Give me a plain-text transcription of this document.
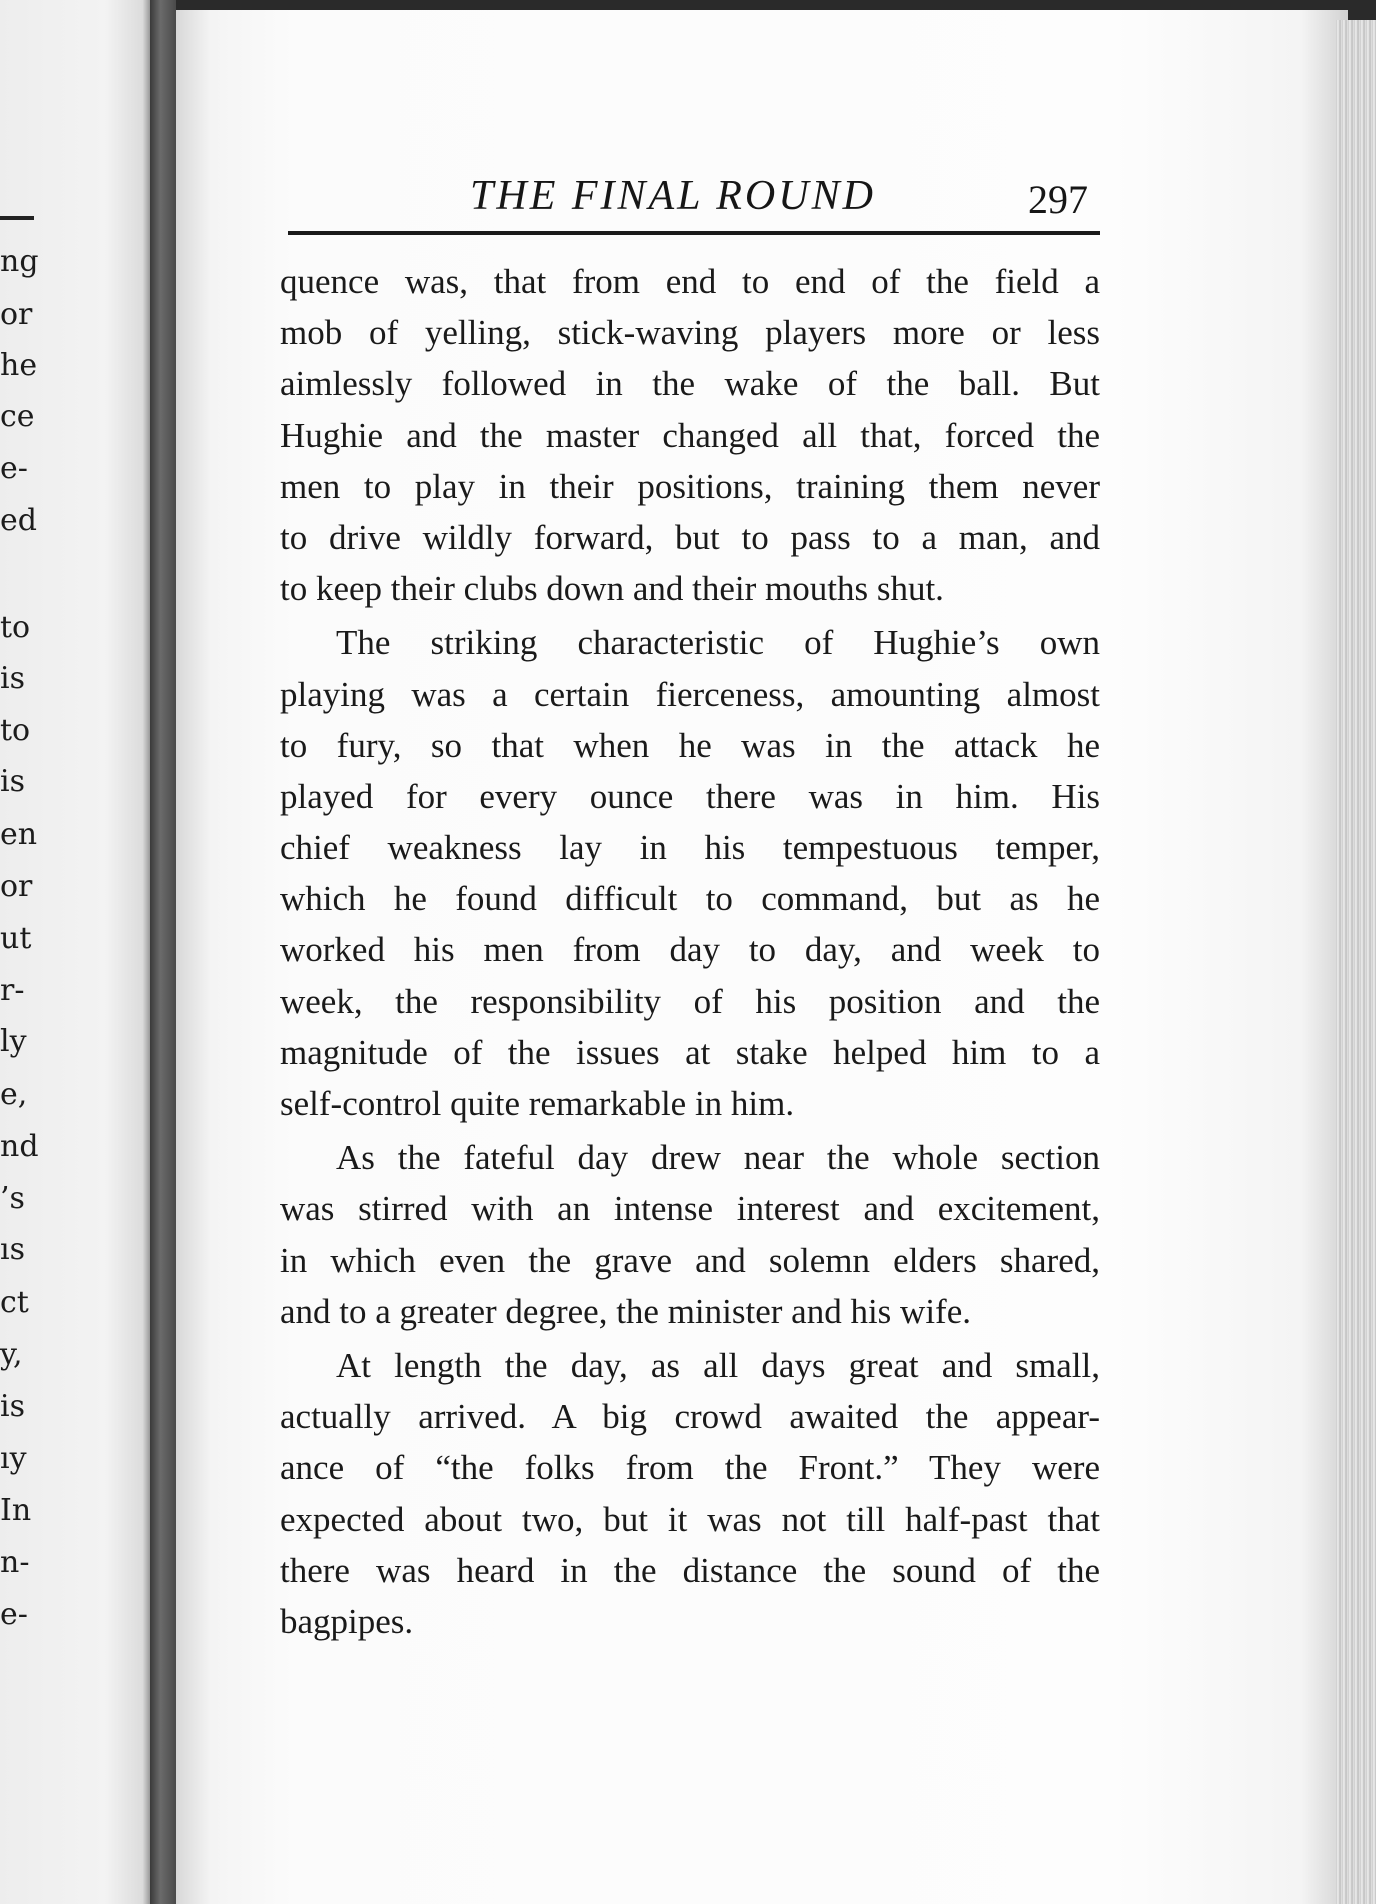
ng
or
he
ce
e-
ed
to
is
to
is
en
or
ut
r-
ly
e,
nd
’s
ıs
ct
y,
is
ıy
In
n-
e-
THE FINAL ROUND	297
quence was, that from end to end of the field a
mob of yelling, stick-waving players more or less
aimlessly followed in the wake of the ball. But
Hughie and the master changed all that, forced the
men to play in their positions, training them never
to drive wildly forward, but to pass to a man, and
to keep their clubs down and their mouths shut.
The striking characteristic of Hughie’s own
playing was a certain fierceness, amounting almost
to fury, so that when he was in the attack he
played for every ounce there was in him. His
chief weakness lay in his tempestuous temper,
which he found difficult to command, but as he
worked his men from day to day, and week to
week, the responsibility of his position and the
magnitude of the issues at stake helped him to a
self-control quite remarkable in him.
As the fateful day drew near the whole section
was stirred with an intense interest and excitement,
in which even the grave and solemn elders shared,
and to a greater degree, the minister and his wife.
At length the day, as all days great and small,
actually arrived. A big crowd awaited the appear-
ance of “the folks from the Front.” They were
expected about two, but it was not till half-past that
there was heard in the distance the sound of the
bagpipes.
